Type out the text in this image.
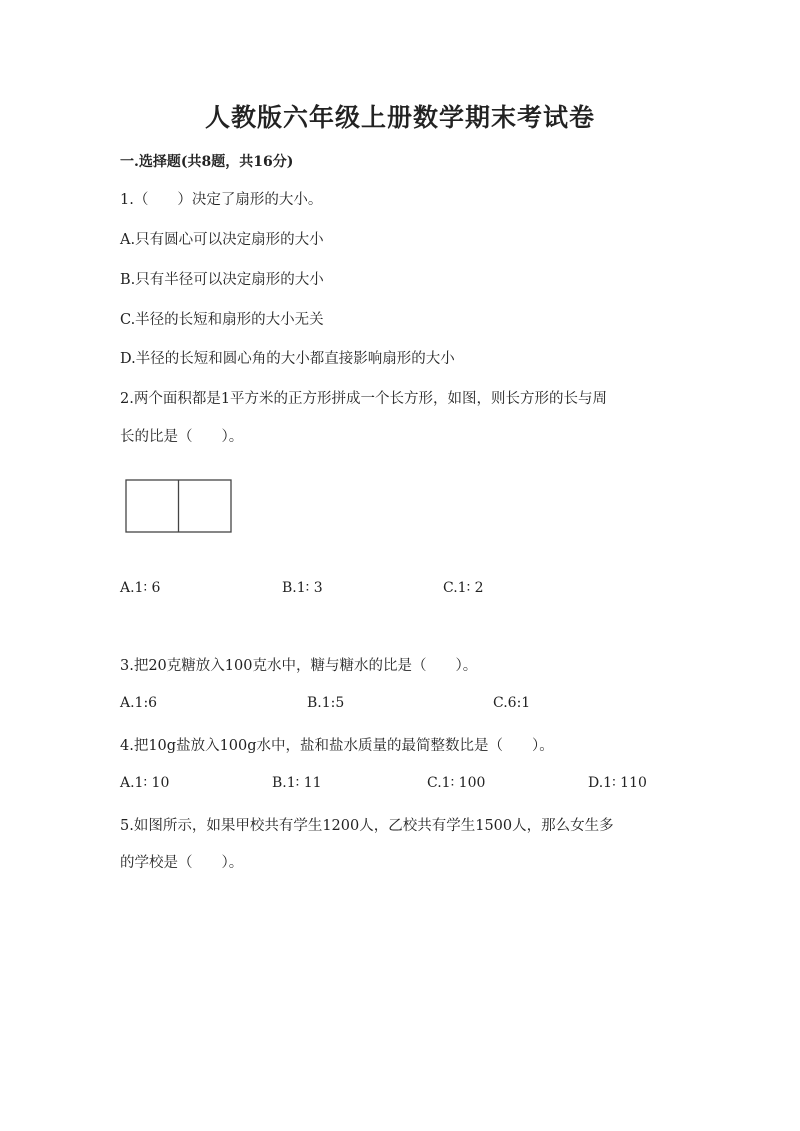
人教版六年级上册数学期末考试卷
一.选择题(共8题，共16分)
1.（　　）决定了扇形的大小。
A.只有圆心可以决定扇形的大小
B.只有半径可以决定扇形的大小
C.半径的长短和扇形的大小无关
D.半径的长短和圆心角的大小都直接影响扇形的大小
2.两个面积都是1平方米的正方形拼成一个长方形，如图，则长方形的长与周
长的比是（　　）。
A.1∶ 6	B.1∶ 3	C.1∶ 2
3.把20克糖放入100克水中，糖与糖水的比是（　　）。
A.1:6	B.1:5	C.6:1
4.把10g盐放入100g水中，盐和盐水质量的最简整数比是（　　）。
A.1∶ 10	B.1∶ 11	C.1∶ 100	D.1∶ 110
5.如图所示，如果甲校共有学生1200人，乙校共有学生1500人，那么女生多
的学校是（　　）。
